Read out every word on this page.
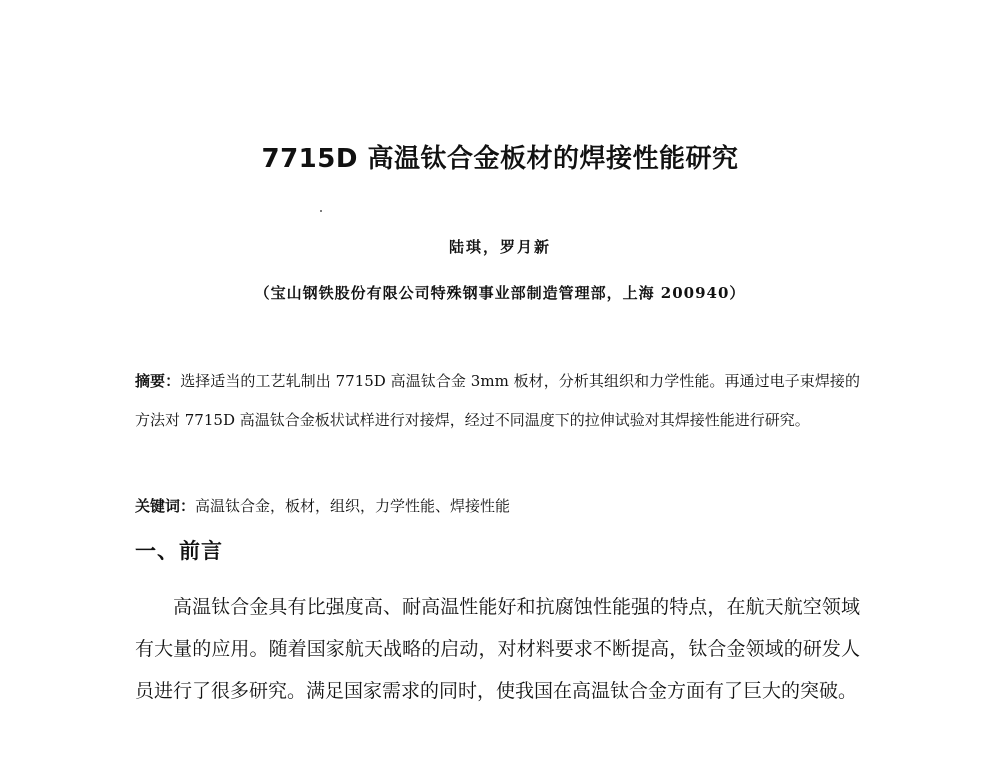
7715D 高温钛合金板材的焊接性能研究
陆琪，罗月新
（宝山钢铁股份有限公司特殊钢事业部制造管理部，上海 200940）
摘要：选择适当的工艺轧制出 7715D 高温钛合金 3mm 板材，分析其组织和力学性能。再通过电子束焊接的方法对 7715D 高温钛合金板状试样进行对接焊，经过不同温度下的拉伸试验对其焊接性能进行研究。
关键词：高温钛合金，板材，组织，力学性能、焊接性能
一、前言
高温钛合金具有比强度高、耐高温性能好和抗腐蚀性能强的特点，在航天航空领域有大量的应用。随着国家航天战略的启动，对材料要求不断提高，钛合金领域的研发人员进行了很多研究。满足国家需求的同时，使我国在高温钛合金方面有了巨大的突破。
